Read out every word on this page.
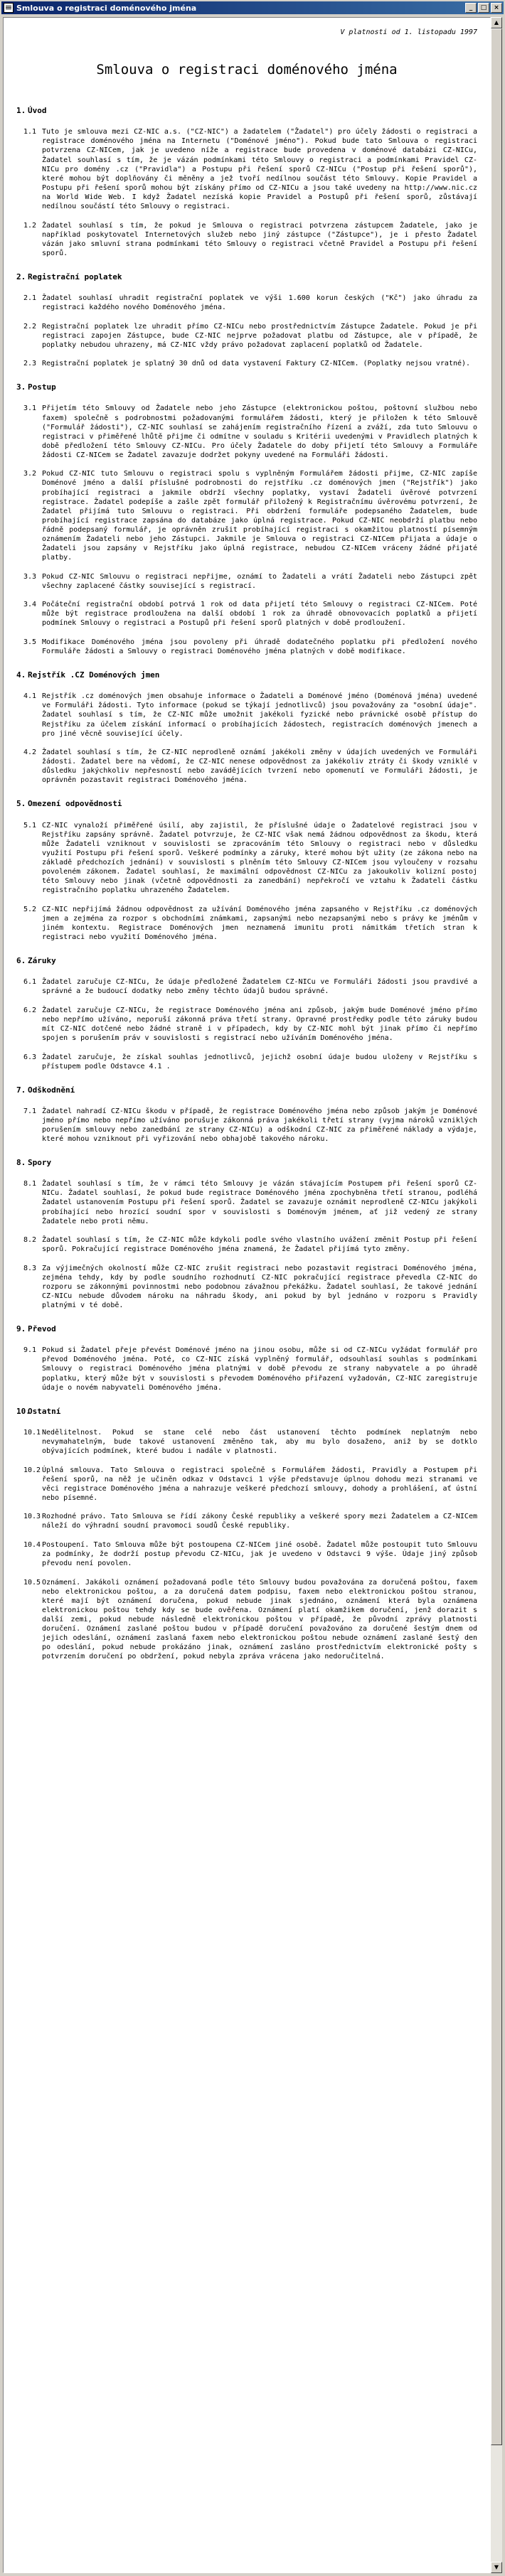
Smlouva o registraci doménového jména	_	□	×
V platnosti od 1. listopadu 1997
Smlouva o registraci doménového jména
1. Úvod
1.1 Tuto je smlouva mezi CZ-NIC a.s. ("CZ-NIC") a žadatelem ("Žadatel") pro účely žádosti o registraci a registrace doménového jména na Internetu ("Doménové jméno"). Pokud bude tato Smlouva o registraci potvrzena CZ-NICem, jak je uvedeno níže a registrace bude provedena v doménové databázi CZ-NICu, Žadatel souhlasí s tím, že je vázán podmínkami této Smlouvy o registraci a podmínkami Pravidel CZ-NICu pro domény .cz ("Pravidla") a Postupu při řešení sporů CZ-NICu ("Postup při řešení sporů"), které mohou být doplňovány či měněny a jež tvoří nedílnou součást této Smlouvy. Kopie Pravidel a Postupu při řešení sporů mohou být získány přímo od CZ-NICu a jsou také uvedeny na http://www.nic.cz na World Wide Web. I když Žadatel nezíská kopie Pravidel a Postupů při řešení sporů, zůstávají nedílnou součástí této Smlouvy o registraci.
1.2 Žadatel souhlasí s tím, že pokud je Smlouva o registraci potvrzena zástupcem Žadatele, jako je například poskytovatel Internetových služeb nebo jiný zástupce ("Zástupce"), je i přesto Žadatel vázán jako smluvní strana podmínkami této Smlouvy o registraci včetně Pravidel a Postupu při řešení sporů.
2. Registrační poplatek
2.1 Žadatel souhlasí uhradit registrační poplatek ve výši 1.600 korun českých ("Kč") jako úhradu za registraci každého nového Doménového jména.
2.2 Registrační poplatek lze uhradit přímo CZ-NICu nebo prostřednictvím Zástupce Žadatele. Pokud je při registraci zapojen Zástupce, bude CZ-NIC nejprve požadovat platbu od Zástupce, ale v případě, že poplatky nebudou uhrazeny, má CZ-NIC vždy právo požadovat zaplacení poplatků od Žadatele.
2.3 Registrační poplatek je splatný 30 dnů od data vystavení Faktury CZ-NICem. (Poplatky nejsou vratné).
3. Postup
3.1 Přijetím této Smlouvy od Žadatele nebo jeho Zástupce (elektronickou poštou, poštovní službou nebo faxem) společně s podrobnostmi požadovanými formulářem žádosti, který je přiložen k této Smlouvě ("Formulář žádosti"), CZ-NIC souhlasí se zahájením registračního řízení a zváží, zda tuto Smlouvu o registraci v přiměřené lhůtě přijme či odmítne v souladu s Kritérii uvedenými v Pravidlech platných k době předložení této Smlouvy CZ-NICu. Pro účely Žadatele do doby přijetí této Smlouvy a Formuláře žádosti CZ-NICem se Žadatel zavazuje dodržet pokyny uvedené na Formuláři žádosti.
3.2 Pokud CZ-NIC tuto Smlouvu o registraci spolu s vyplněným Formulářem žádosti přijme, CZ-NIC zapíše Doménové jméno a další příslušné podrobnosti do rejstříku .cz doménových jmen ("Rejstřík") jako probíhající registraci a jakmile obdrží všechny poplatky, vystaví Žadateli úvěrové potvrzení registrace. Žadatel podepíše a zašle zpět formulář přiložený k Registračnímu úvěrovému potvrzení, že Žadatel přijímá tuto Smlouvu o registraci. Při obdržení formuláře podepsaného Žadatelem, bude probíhající registrace zapsána do databáze jako úplná registrace. Pokud CZ-NIC neobdrží platbu nebo řádně podepsaný formulář, je oprávněn zrušit probíhající registraci s okamžitou platností písemným oznámením Žadateli nebo jeho Zástupci. Jakmile je Smlouva o registraci CZ-NICem přijata a údaje o Žadateli jsou zapsány v Rejstříku jako úplná registrace, nebudou CZ-NICem vráceny žádné přijaté platby.
3.3 Pokud CZ-NIC Smlouvu o registraci nepřijme, oznámí to Žadateli a vrátí Žadateli nebo Zástupci zpět všechny zaplacené částky související s registrací.
3.4 Počáteční registrační období potrvá 1 rok od data přijetí této Smlouvy o registraci CZ-NICem. Poté může být registrace prodloužena na další období 1 rok za úhradě obnovovacích poplatků a přijetí podmínek Smlouvy o registraci a Postupů při řešení sporů platných v době prodloužení.
3.5 Modifikace Doménového jména jsou povoleny při úhradě dodatečného poplatku při předložení nového Formuláře žádosti a Smlouvy o registraci Doménového jména platných v době modifikace.
4. Rejstřík .CZ Doménových jmen
4.1 Rejstřík .cz doménových jmen obsahuje informace o Žadateli a Doménové jméno (Doménová jména) uvedené ve Formuláři žádosti. Tyto informace (pokud se týkají jednotlivců) jsou považovány za "osobní údaje". Žadatel souhlasí s tím, že CZ-NIC může umožnit jakékoli fyzické nebo právnické osobě přístup do Rejstříku za účelem získání informací o probíhajících žádostech, registracích doménových jmenech a pro jiné věcně související účely.
4.2 Žadatel souhlasí s tím, že CZ-NIC neprodleně oznámí jakékoli změny v údajích uvedených ve Formuláři žádosti. Žadatel bere na vědomí, že CZ-NIC nenese odpovědnost za jakékoliv ztráty či škody vzniklé v důsledku jakýchkoliv nepřesností nebo zavádějících tvrzení nebo opomenutí ve Formuláři žádosti, je oprávněn pozastavit registraci Doménového jména.
5. Omezení odpovědnosti
5.1 CZ-NIC vynaloží přiměřené úsilí, aby zajistil, že příslušné údaje o Žadatelové registraci jsou v Rejstříku zapsány správně. Žadatel potvrzuje, že CZ-NIC však nemá žádnou odpovědnost za škodu, která může Žadateli vzniknout v souvislosti se zpracováním této Smlouvy o registraci nebo v důsledku využití Postupu při řešení sporů. Veškeré podmínky a záruky, které mohou být užity (ze zákona nebo na základě předchozích jednání) v souvislosti s plněním této Smlouvy CZ-NICem jsou vyloučeny v rozsahu povoleném zákonem. Žadatel souhlasí, že maximální odpovědnost CZ-NICu za jakoukoliv kolizní postoj této Smlouvy nebo jinak (včetně odpovědnosti za zanedbání) nepřekročí ve vztahu k Žadateli částku registračního poplatku uhrazeného Žadatelem.
5.2 CZ-NIC nepřijímá žádnou odpovědnost za užívání Doménového jména zapsaného v Rejstříku .cz doménových jmen a zejména za rozpor s obchodními známkami, zapsanými nebo nezapsanými nebo s právy ke jménům v jiném kontextu. Registrace Doménových jmen neznamená imunitu proti námitkám třetích stran k registraci nebo využití Doménového jména.
6. Záruky
6.1 Žadatel zaručuje CZ-NICu, že údaje předložené Žadatelem CZ-NICu ve Formuláři žádosti jsou pravdivé a správné a že budoucí dodatky nebo změny těchto údajů budou správné.
6.2 Žadatel zaručuje CZ-NICu, že registrace Doménového jména ani způsob, jakým bude Doménové jméno přímo nebo nepřímo užíváno, neporuší zákonná práva třetí strany. Opravné prostředky podle této záruky budou mít CZ-NIC dotčené nebo žádné straně i v případech, kdy by CZ-NIC mohl být jinak přímo či nepřímo spojen s porušením práv v souvislosti s registrací nebo užíváním Doménového jména.
6.3 Žadatel zaručuje, že získal souhlas jednotlivců, jejichž osobní údaje budou uloženy v Rejstříku s přístupem podle Odstavce 4.1 .
7. Odškodnění
7.1 Žadatel nahradí CZ-NICu škodu v případě, že registrace Doménového jména nebo způsob jakým je Doménové jméno přímo nebo nepřímo užíváno porušuje zákonná práva jakékoli třetí strany (vyjma nároků vzniklých porušením smlouvy nebo zanedbání ze strany CZ-NICu) a odškodní CZ-NIC za přiměřené náklady a výdaje, které mohou vzniknout při vyřizování nebo obhajobě takového nároku.
8. Spory
8.1 Žadatel souhlasí s tím, že v rámci této Smlouvy je vázán stávajícím Postupem při řešení sporů CZ-NICu. Žadatel souhlasí, že pokud bude registrace Doménového jména zpochybněna třetí stranou, podléhá Žadatel ustanovením Postupu při řešení sporů. Žadatel se zavazuje oznámit neprodleně CZ-NICu jakýkoli probíhající nebo hrozící soudní spor v souvislosti s Doménovým jménem, ať již vedený ze strany Žadatele nebo proti němu.
8.2 Žadatel souhlasí s tím, že CZ-NIC může kdykoli podle svého vlastního uvážení změnit Postup při řešení sporů. Pokračující registrace Doménového jména znamená, že Žadatel přijímá tyto změny.
8.3 Za výjimečných okolností může CZ-NIC zrušit registraci nebo pozastavit registraci Doménového jména, zejména tehdy, kdy by podle soudního rozhodnutí CZ-NIC pokračující registrace převedla CZ-NIC do rozporu se zákonnými povinnostmi nebo podobnou závažnou překážku. Žadatel souhlasí, že takové jednání CZ-NICu nebude důvodem nároku na náhradu škody, ani pokud by byl jednáno v rozporu s Pravidly platnými v té době.
9. Převod
9.1 Pokud si Žadatel přeje převést Doménové jméno na jinou osobu, může si od CZ-NICu vyžádat formulář pro převod Doménového jména. Poté, co CZ-NIC získá vyplněný formulář, odsouhlasí souhlas s podmínkami Smlouvy o registraci Doménového jména platnými v době převodu ze strany nabyvatele a po úhradě poplatku, který může být v souvislosti s převodem Doménového přiřazení vyžadován, CZ-NIC zaregistruje údaje o novém nabyvateli Doménového jména.
10.
Ostatní
10.1 Nedělitelnost. Pokud se stane celé nebo část ustanovení těchto podmínek neplatným nebo nevymahatelným, bude takové ustanovení změněno tak, aby mu bylo dosaženo, aniž by se dotklo obývajících podmínek, které budou i nadále v platnosti.
10.2 Úplná smlouva. Tato Smlouva o registraci společně s Formulářem žádosti, Pravidly a Postupem při řešení sporů, na něž je učiněn odkaz v Odstavci 1 výše představuje úplnou dohodu mezi stranami ve věci registrace Doménového jména a nahrazuje veškeré předchozí smlouvy, dohody a prohlášení, ať ústní nebo písemné.
10.3 Rozhodné právo. Tato Smlouva se řídí zákony České republiky a veškeré spory mezi Žadatelem a CZ-NICem náleží do výhradní soudní pravomoci soudů České republiky.
10.4 Postoupení. Tato Smlouva může být postoupena CZ-NICem jiné osobě. Žadatel může postoupit tuto Smlouvu za podmínky, že dodrží postup převodu CZ-NICu, jak je uvedeno v Odstavci 9 výše. Údaje jiný způsob převodu není povolen.
10.5 Oznámení. Jakákoli oznámení požadovaná podle této Smlouvy budou považována za doručená poštou, faxem nebo elektronickou poštou, a za doručená datem podpisu, faxem nebo elektronickou poštou stranou, které mají být oznámení doručena, pokud nebude jinak sjednáno, oznámení která byla oznámena elektronickou poštou tehdy kdy se bude ověřena. Oznámení platí okamžikem doručení, jenž dorazit s další zemi, pokud nebude následně elektronickou poštou v případě, že původní zprávy platnosti doručení. Oznámení zaslané poštou budou v případě doručení považováno za doručené šestým dnem od jejich odeslání, oznámení zaslaná faxem nebo elektronickou poštou nebude oznámení zaslané šestý den po odeslání, pokud nebude prokázáno jinak, oznámení zasláno prostřednictvím elektronické pošty s potvrzením doručení po obdržení, pokud nebyla zpráva vrácena jako nedoručitelná.
▲
▼
